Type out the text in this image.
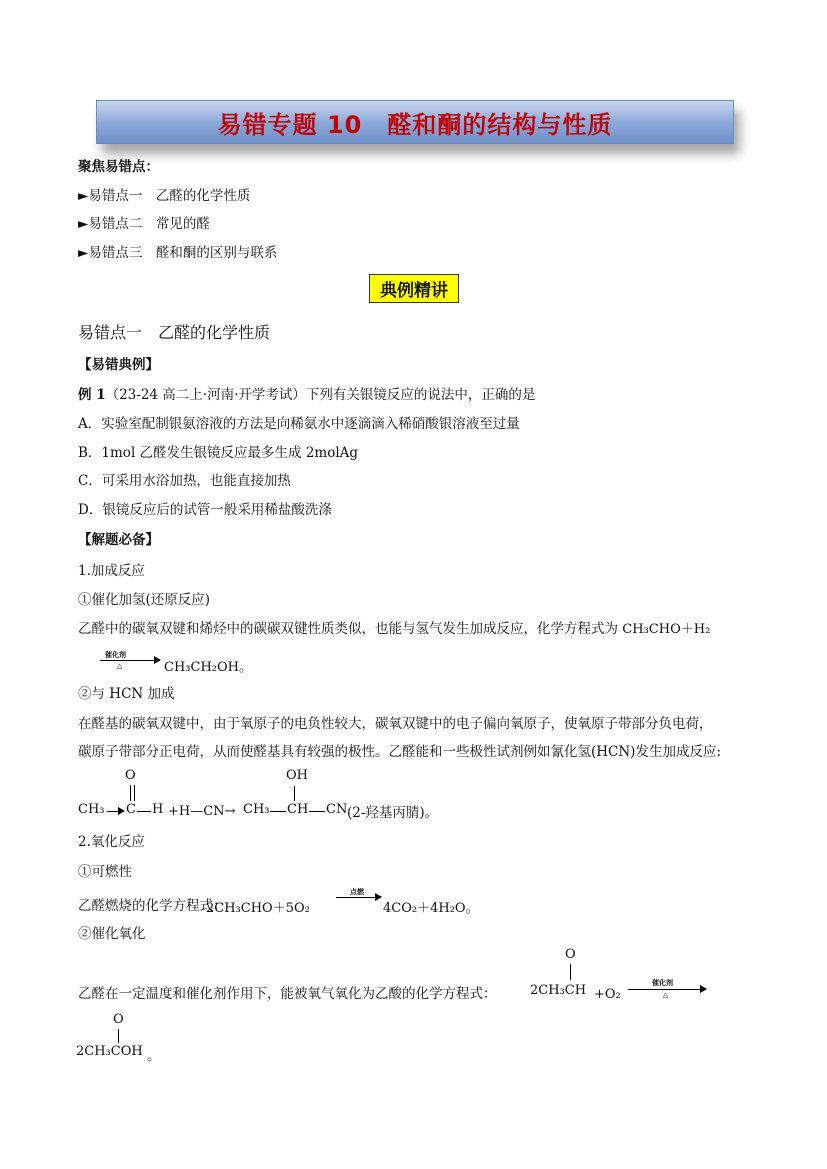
易错专题 10　醛和酮的结构与性质
聚焦易错点：
►易错点一　乙醛的化学性质
►易错点二　常见的醛
►易错点三　醛和酮的区别与联系
典例精讲
易错点一　乙醛的化学性质
【易错典例】
例 1（23-24 高二上·河南·开学考试）下列有关银镜反应的说法中，正确的是
A．实验室配制银氨溶液的方法是向稀氨水中逐滴滴入稀硝酸银溶液至过量
B．1mol 乙醛发生银镜反应最多生成 2molAg
C．可采用水浴加热，也能直接加热
D．银镜反应后的试管一般采用稀盐酸洗涤
【解题必备】
1.加成反应
①催化加氢(还原反应)
乙醛中的碳氧双键和烯烃中的碳碳双键性质类似，也能与氢气发生加成反应，化学方程式为 CH₃CHO＋H₂
催化剂
△	CH₃CH₂OH。
②与 HCN 加成
在醛基的碳氧双键中，由于氧原子的电负性较大，碳氧双键中的电子偏向氧原子，使氧原子带部分负电荷，
碳原子带部分正电荷，从而使醛基具有较强的极性。乙醛能和一些极性试剂例如氰化氢(HCN)发生加成反应:
O
CH₃ C H +H—CN→
OH
CH₃ CH CN (2-羟基丙腈)。
2.氧化反应
①可燃性
乙醛燃烧的化学方程式：
2CH₃CHO＋5O₂
点燃
4CO₂＋4H₂O。
②催化氧化
乙醛在一定温度和催化剂作用下，能被氧气氧化为乙酸的化学方程式：
O
2CH₃CH +O₂
催化剂
△
O
2CH₃COH 。
